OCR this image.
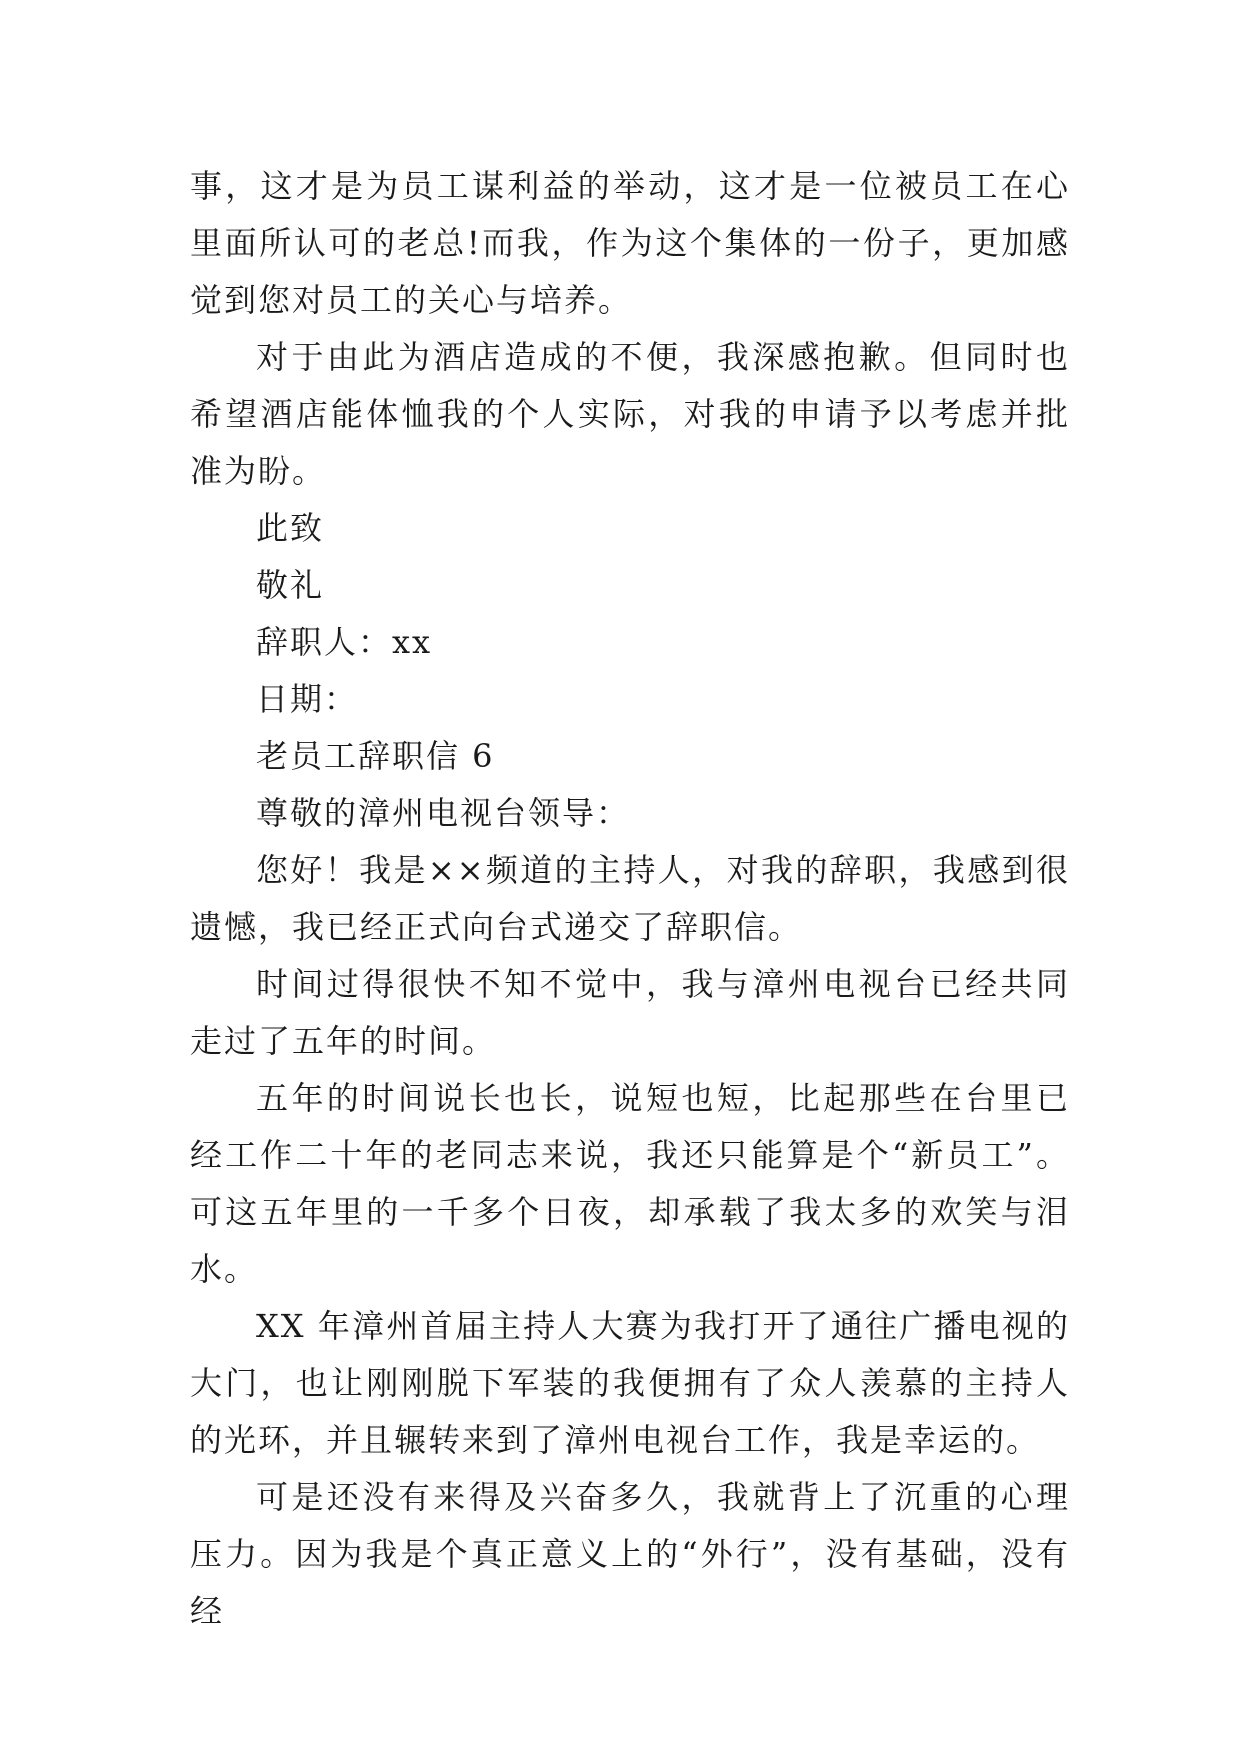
事，这才是为员工谋利益的举动，这才是一位被员工在心里面所认可的老总!而我，作为这个集体的一份子，更加感觉到您对员工的关心与培养。

对于由此为酒店造成的不便，我深感抱歉。但同时也希望酒店能体恤我的个人实际，对我的申请予以考虑并批准为盼。

此致

敬礼

辞职人：xx

日期：

老员工辞职信 6

尊敬的漳州电视台领导：

您好！我是××频道的主持人，对我的辞职，我感到很遗憾，我已经正式向台式递交了辞职信。

时间过得很快不知不觉中，我与漳州电视台已经共同走过了五年的时间。

五年的时间说长也长，说短也短，比起那些在台里已经工作二十年的老同志来说，我还只能算是个“新员工”。可这五年里的一千多个日夜，却承载了我太多的欢笑与泪水。

XX 年漳州首届主持人大赛为我打开了通往广播电视的大门，也让刚刚脱下军装的我便拥有了众人羡慕的主持人的光环，并且辗转来到了漳州电视台工作，我是幸运的。

可是还没有来得及兴奋多久，我就背上了沉重的心理压力。因为我是个真正意义上的“外行”，没有基础，没有经
